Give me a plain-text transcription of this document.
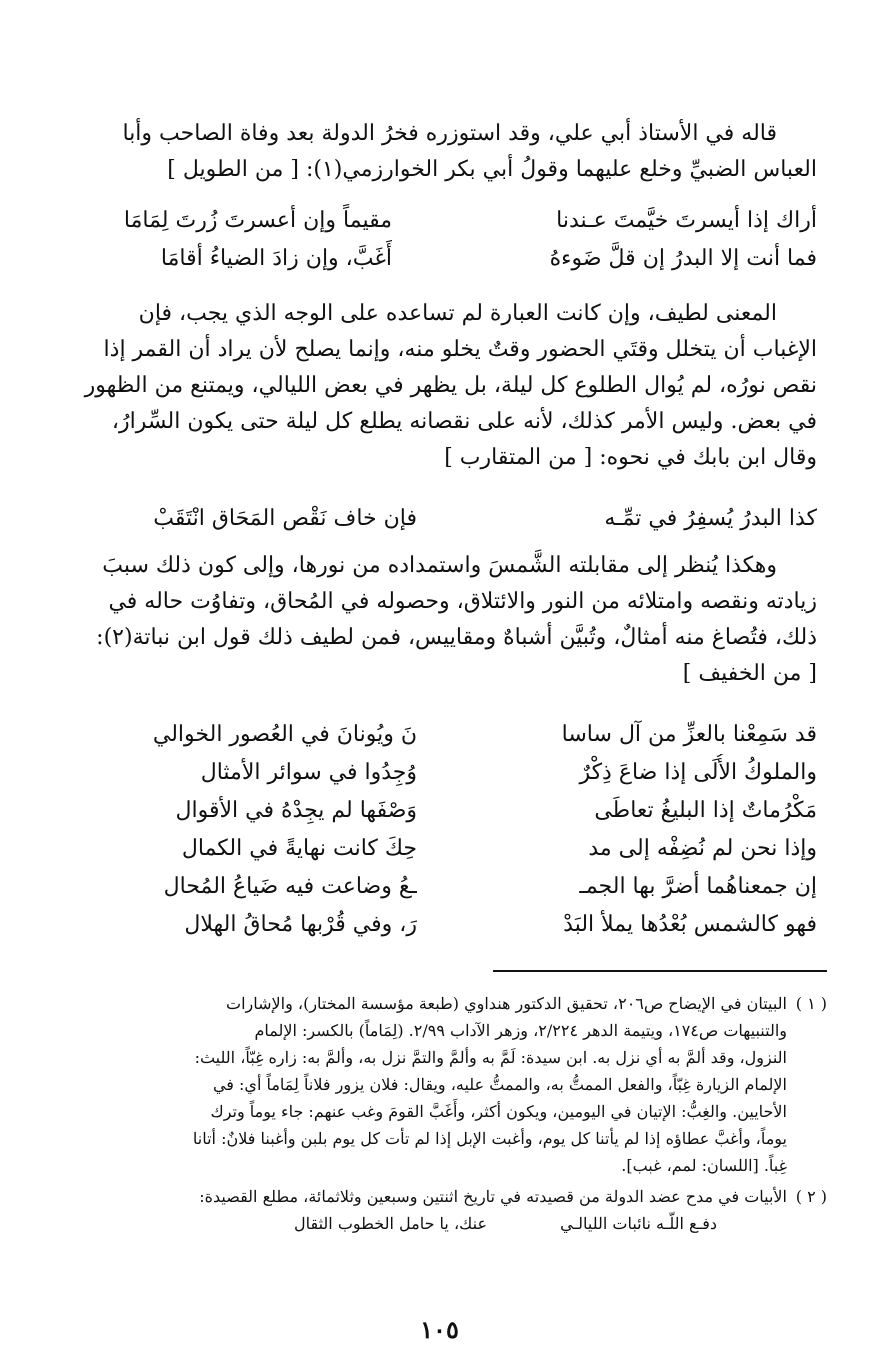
قاله في الأستاذ أبي علي، وقد استوزره فخرُ الدولة بعد وفاة الصاحب وأبا

العباس الضبيِّ وخلع عليهما وقولُ أبي بكر الخوارزمي(١): [ من الطويل ]

أراك إذا أيسرتَ خيَّمتَ عـندنا
مقيماً وإن أعسرتَ زُرتَ لِمَامَا
فما أنت إلا البدرُ إن قلَّ ضَوءهُ
أَغَبَّ، وإن زادَ الضياءُ أقامَا

المعنى لطيف، وإن كانت العبارة لم تساعده على الوجه الذي يجب، فإن

الإغباب أن يتخلل وقتَي الحضور وقتٌ يخلو منه، وإنما يصلح لأن يراد أن القمر إذا

نقص نورُه، لم يُوال الطلوع كل ليلة، بل يظهر في بعض الليالي، ويمتنع من الظهور

في بعض. وليس الأمر كذلك، لأنه على نقصانه يطلع كل ليلة حتى يكون السِّرارُ،

وقال ابن بابك في نحوه: [ من المتقارب ]

كذا البدرُ يُسفِرُ في تمِّـه
فإن خاف نَقْص المَحَاق انْتَقَبْ

وهكذا يُنظر إلى مقابلته الشَّمسَ واستمداده من نورها، وإلى كون ذلك سببَ

زيادته ونقصه وامتلائه من النور والائتلاق، وحصوله في المُحاق، وتفاوُت حاله في

ذلك، فتُصاغ منه أمثالٌ، وتُبيَّن أشباهٌ ومقاييس، فمن لطيف ذلك قول ابن نباتة(٢):

[ من الخفيف ]

قد سَمِعْنا بالعزِّ من آل ساسا
نَ ويُونانَ في العُصور الخوالي
والملوكُ الأُلَى إذا ضاعَ ذِكْرٌ
وُجِدُوا في سوائر الأمثال
مَكْرُماتٌ إذا البليغُ تعاطَى
وَصْفَها لم يجِدْهُ في الأقوال
وإذا نحن لم نُضِفْه إلى مد
حِكَ كانت نهايةً في الكمال
إن جمعناهُما أضرَّ بها الجمـ
ـعُ وضاعت فيه ضَياعُ المُحال
فهو كالشمس بُعْدُها يملأ البَدْ
رَ، وفي قُرْبها مُحاقُ الهلال
( ١ )
البيتان في الإيضاح ص٢٠٦، تحقيق الدكتور هنداوي (طبعة مؤسسة المختار)، والإشارات
والتنبيهات ص١٧٤، ويتيمة الدهر ٢/٢٢٤، وزهر الآداب ٢/٩٩. (لِمَاماً) بالكسر: الإلمام
النزول، وقد ألمَّ به أي نزل به. ابن سيدة: لَمَّ به وألمَّ والتمَّ نزل به، وألمَّ به: زاره غِبّاً، الليث:
الإلمام الزيارة غِبّاً، والفعل الممتُّ به، والممتُّ عليه، ويقال: فلان يزور فلاناً لِمَاماً أي: في
الأحايين. والغِبُّ: الإتيان في اليومين، ويكون أكثر، وأَغَبَّ القومَ وغب عنهم: جاء يوماً وترك
يوماً، وأغبَّ عطاؤه إذا لم يأتنا كل يوم، وأغبت الإبل إذا لم تأت كل يوم بلبن وأغبنا فلانٌ: أتانا
غِباً. [اللسان: لمم، غبب].
( ٢ )
الأبيات في مدح عضد الدولة من قصيدته في تاريخ اثنتين وسبعين وثلاثمائة، مطلع القصيدة:
دفـع اللّـه نائبات الليالـي
عنك، يا حامل الخطوب الثقال
١٠٥
